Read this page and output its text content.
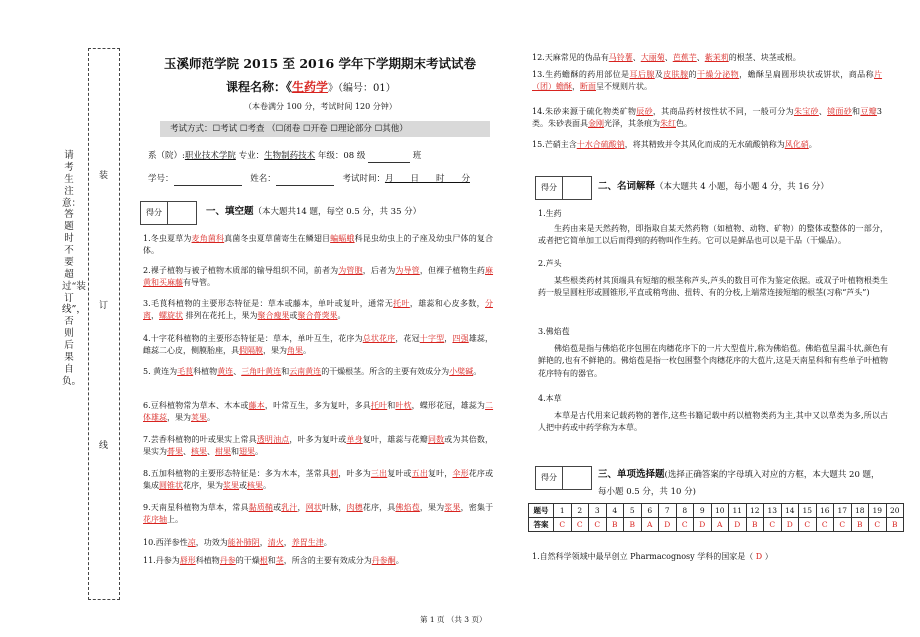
请考生注意：答题时不要超过“装订线”，否则后果自负。
装
订
线
玉溪师范学院 2015 至 2016 学年下学期期末考试试卷
课程名称：《生药学》（编号：01）
（本卷满分 100 分，考试时间 120 分钟）
考试方式：☐考试 ☐考查 （☐闭卷 ☐开卷 ☐理论部分 ☐其他）
系（院）:职业技术学院 专业：生物制药技术 年级：08 级	班
学号：	姓名：	考试时间：月　　日　　时　　分
得分	一、填空题（本大题共14 题，每空 0.5 分，共 35 分）
1.冬虫夏草为麦角菌科真菌冬虫夏草菌寄生在鳞翅目蝙蝠蛾科昆虫幼虫上的子座及幼虫尸体的复合体。
2.裸子植物与被子植物木质部的输导组织不同，前者为为管胞，后者为为导管，但裸子植物生药麻黄和买麻藤有导管。
3.毛茛科植物的主要形态特征是：草本或藤本，单叶或复叶，通常无托叶，雄蕊和心皮多数，分离，螺旋状 排列在花托上，果为聚合瘦果或聚合蓇葖果。
4.十字花科植物的主要形态特征是：草本，单叶互生，花序为总状花序，花冠十字型，四强雄蕊，雌蕊二心皮，侧膜胎座，具假隔膜，果为角果。
5. 黄连为毛茛科植物黄连、三角叶黄连和云南黄连的干燥根茎。所含的主要有效成分为小檗碱。
6.豆科植物常为草本、木本或藤本，叶常互生，多为复叶，多具托叶和叶枕，蝶形花冠，雄蕊为二体雄蕊，果为荚果。
7.芸香科植物的叶或果实上常具透明油点，叶多为复叶或单身复叶，雄蕊与花瓣同数或为其倍数，果实为蓇果、核果、柑果和翅果。
8.五加科植物的主要形态特征是：多为木本，茎常具刺，叶多为三出复叶或五出复叶，伞形花序或集成圆锥状花序，果为浆果或核果。
9.天南星科植物为草本，常具黏质鞘或乳汁，网状叶脉，肉穗花序，具佛焰苞，果为浆果，密集于花序轴上。
10.西洋参性凉，功效为能补肺阴，清火，养胃生津。
11.丹参为唇形科植物丹参的干燥根和茎，所含的主要有效成分为丹参酮。
12.天麻常见的伪品有马铃薯、大丽菊、芭蕉芋、紫茉莉的根茎、块茎或根。
13.生药蟾酥的药用部位是耳后腺及皮肤腺的干燥分泌物，蟾酥呈扁圆形块状或饼状，商品称片（团）蟾酥，断面呈不规则片状。
14.朱砂来源于硫化物类矿物辰砂，其商品药材按性状不同，一般可分为朱宝砂、镜面砂和豆瓣3 类。朱砂表面具金刚光泽，其条痕为朱红色。
15.芒硝主含十水合硫酸钠，将其精致并令其风化而成的无水硫酸钠称为风化硝。
得分	二、名词解释（本大题共 4 小题，每小题 4 分，共 16 分）
1.生药
生药由来是天然药物，即指取自某天然药物（如植物、动物、矿物）的整体或整体的一部分，或者把它简单加工以后而得到的药物叫作生药。它可以是鲜品也可以是干品（干燥品）。
2.芦头
某些根类药材其顶端具有短缩的根茎称芦头,芦头的数目可作为鉴定依据。或双子叶植物根类生药一般呈圆柱形或圆锥形,平直或稍弯曲、扭转、有的分枝,上端常连接短缩的根茎(习称“芦头”)
3.佛焰苞
佛焰苞是指与佛焰花序包围在肉穗花序下的一片大型苞片,称为佛焰苞。佛焰苞呈漏斗状,颜色有鲜艳的,也有不鲜艳的。佛焰苞是指一枚包围整个肉穗花序的大苞片,这是天南星科和有些单子叶植物花序特有的器官。
4.本草
本草是古代用来记载药物的著作,这些书籍记载中药以植物类药为主,其中又以草类为多,所以古人把中药或中药学称为本草。
得分	三、单项选择题(选择正确答案的字母填入对应的方框，本大题共 20 题，
每小题 0.5 分，共 10 分)
题号	1	2	3	4	5	6	7	8	9	10	11	12	13	14	15	16	17	18	19	20
答案	C	C	C	B	B	A	D	C	D	A	D	B	C	D	C	C	C	B	C	B
1.自然科学领域中最早创立 Pharmacognosy 学科的国家是（ D ）
第 1 页 （共 3 页）
